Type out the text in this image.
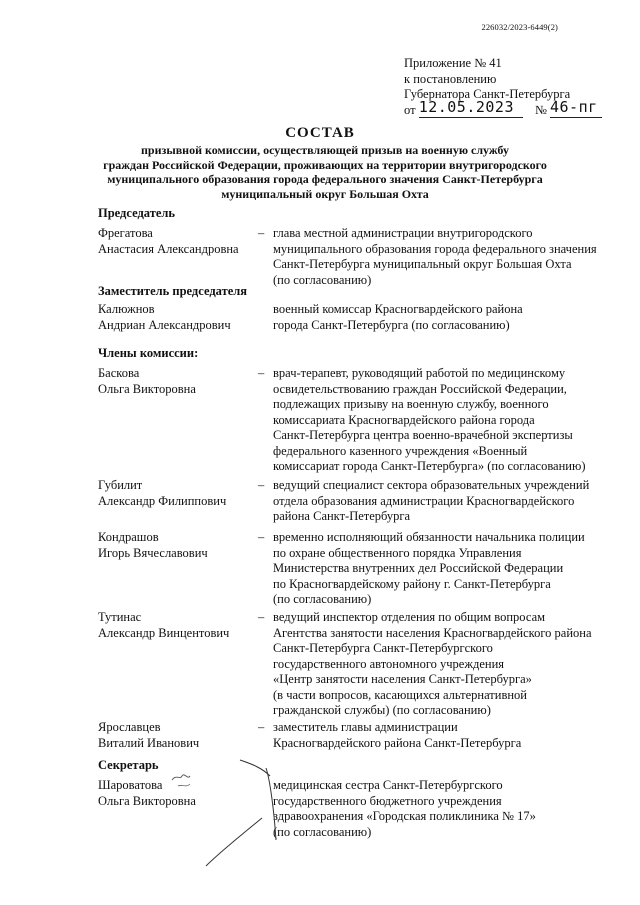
226032/2023-6449(2)
Приложение № 41
к постановлению
Губернатора Санкт-Петербурга
от 12.05.2023 № 46-пг
СОСТАВ
призывной комиссии, осуществляющей призыв на военную службу
граждан Российской Федерации, проживающих на территории внутригородского
муниципального образования города федерального значения Санкт-Петербурга
муниципальный округ Большая Охта
Председатель
Фрегатова
Анастасия Александровна
– глава местной администрации внутригородского
муниципального образования города федерального значения
Санкт-Петербурга муниципальный округ Большая Охта
(по согласованию)
Заместитель председателя
Калюжнов
Андриан Александрович
военный комиссар Красногвардейского района
города Санкт-Петербурга (по согласованию)
Члены комиссии:
Баскова
Ольга Викторовна
– врач-терапевт, руководящий работой по медицинскому
освидетельствованию граждан Российской Федерации,
подлежащих призыву на военную службу, военного
комиссариата Красногвардейского района города
Санкт-Петербурга центра военно-врачебной экспертизы
федерального казенного учреждения «Военный
комиссариат города Санкт-Петербурга» (по согласованию)
Губилит
Александр Филиппович
– ведущий специалист сектора образовательных учреждений
отдела образования администрации Красногвардейского
района Санкт-Петербурга
Кондрашов
Игорь Вячеславович
– временно исполняющий обязанности начальника полиции
по охране общественного порядка Управления
Министерства внутренних дел Российской Федерации
по Красногвардейскому району г. Санкт-Петербурга
(по согласованию)
Тутинас
Александр Винцентович
– ведущий инспектор отделения по общим вопросам
Агентства занятости населения Красногвардейского района
Санкт-Петербурга Санкт-Петербургского
государственного автономного учреждения
«Центр занятости населения Санкт-Петербурга»
(в части вопросов, касающихся альтернативной
гражданской службы) (по согласованию)
Ярославцев
Виталий Иванович
– заместитель главы администрации
Красногвардейского района Санкт-Петербурга
Секретарь
Шароватова
Ольга Викторовна
медицинская сестра Санкт-Петербургского
государственного бюджетного учреждения
здравоохранения «Городская поликлиника № 17»
(по согласованию)
